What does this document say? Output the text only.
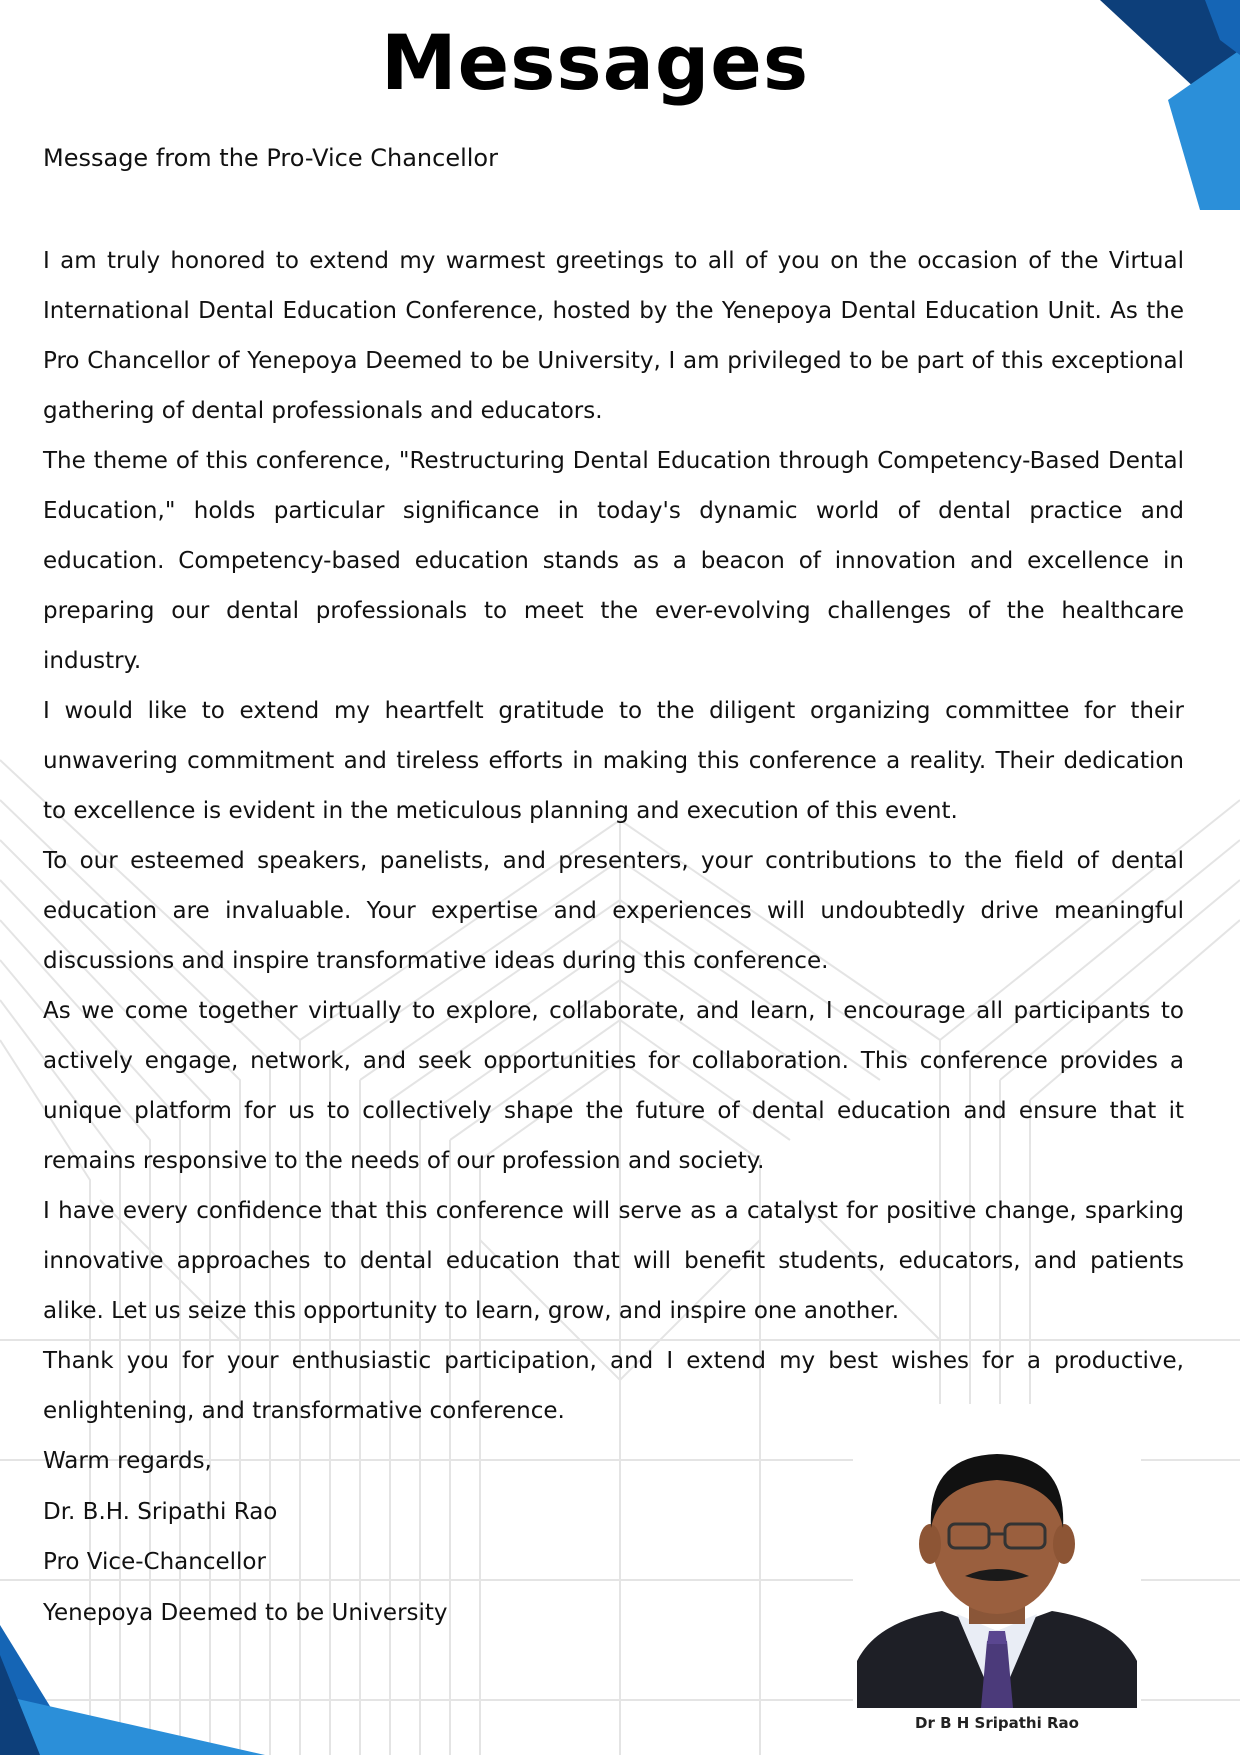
Messages

Message from the Pro-Vice Chancellor

I am truly honored to extend my warmest greetings to all of you on the occasion of the Virtual International Dental Education Conference, hosted by the Yenepoya Dental Education Unit. As the Pro Chancellor of Yenepoya Deemed to be University, I am privileged to be part of this exceptional gathering of dental professionals and educators.

The theme of this conference, "Restructuring Dental Education through Competency-Based Dental Education," holds particular significance in today's dynamic world of dental practice and education. Competency-based education stands as a beacon of innovation and excellence in preparing our dental professionals to meet the ever-evolving challenges of the healthcare industry.

I would like to extend my heartfelt gratitude to the diligent organizing committee for their unwavering commitment and tireless efforts in making this conference a reality. Their dedication to excellence is evident in the meticulous planning and execution of this event.

To our esteemed speakers, panelists, and presenters, your contributions to the field of dental education are invaluable. Your expertise and experiences will undoubtedly drive meaningful discussions and inspire transformative ideas during this conference.

As we come together virtually to explore, collaborate, and learn, I encourage all participants to actively engage, network, and seek opportunities for collaboration. This conference provides a unique platform for us to collectively shape the future of dental education and ensure that it remains responsive to the needs of our profession and society.

I have every confidence that this conference will serve as a catalyst for positive change, sparking innovative approaches to dental education that will benefit students, educators, and patients alike. Let us seize this opportunity to learn, grow, and inspire one another.

Thank you for your enthusiastic participation, and I extend my best wishes for a productive, enlightening, and transformative conference.

Warm regards,
Dr. B.H. Sripathi Rao
Pro Vice-Chancellor
Yenepoya Deemed to be University
Dr B H Sripathi Rao
